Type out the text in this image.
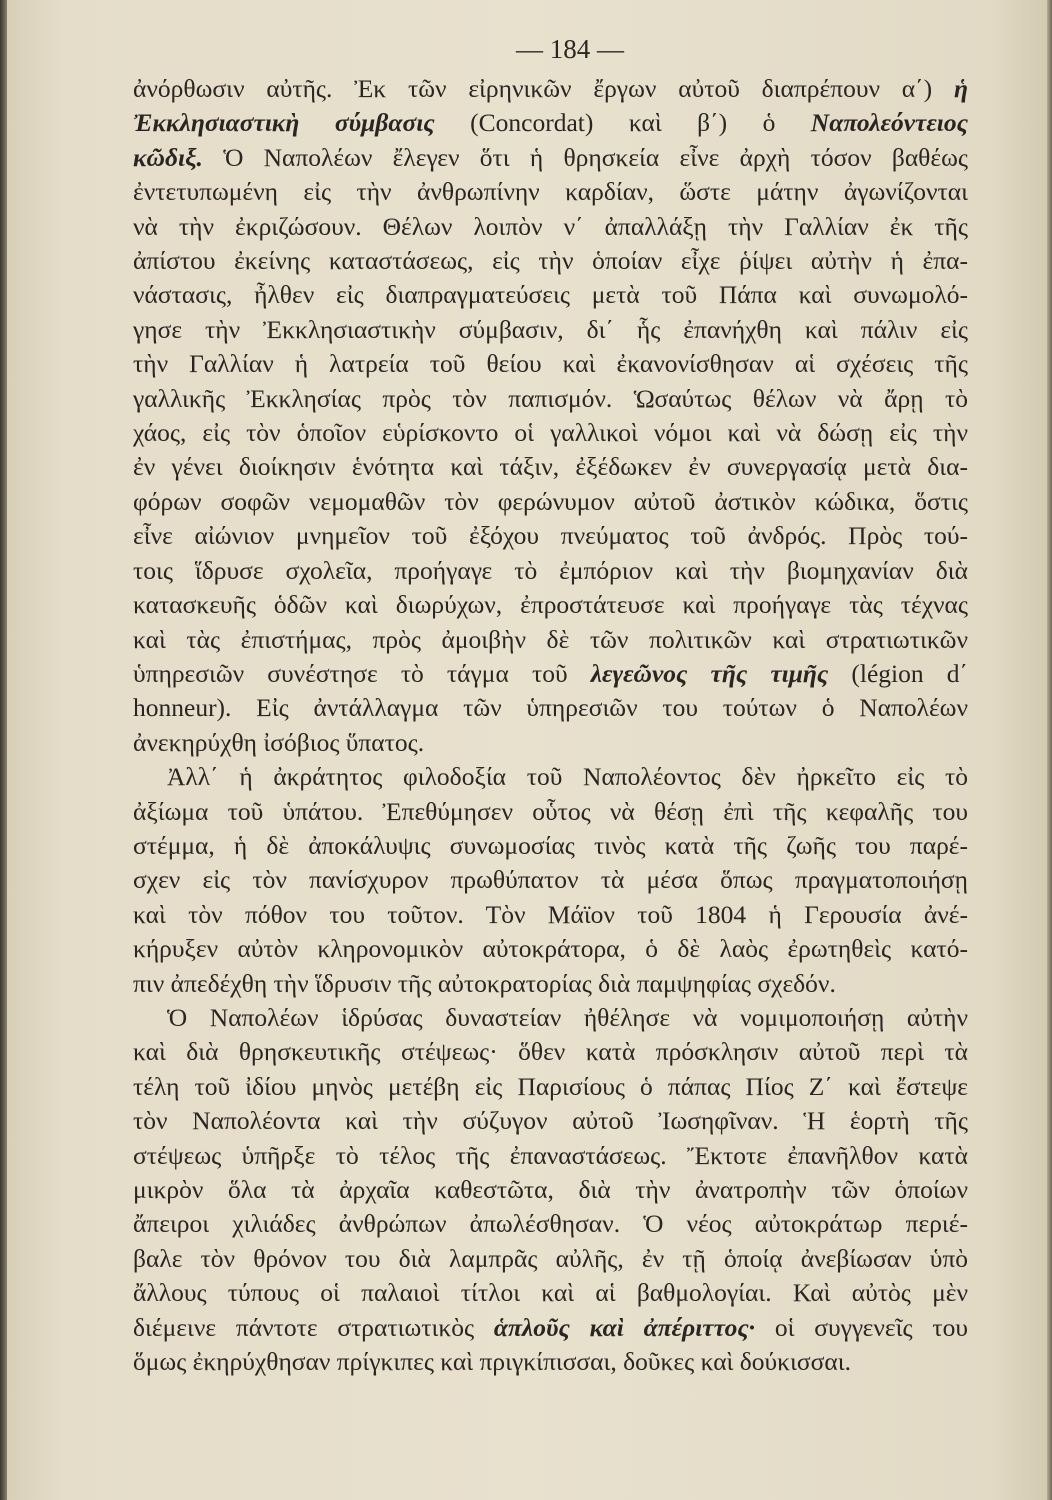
— 184 —
ἀνόρθωσιν αὐτῆς. Ἐκ τῶν εἰρηνικῶν ἔργων αὐτοῦ διαπρέπουν α΄) ἡ
Ἐκκλησιαστικὴ σύμβασις (Concordat) καὶ β΄) ὁ Ναπολεόντειος
κῶδιξ. Ὁ Ναπολέων ἔλεγεν ὅτι ἡ θρησκεία εἶνε ἀρχὴ τόσον βαθέως
ἐντετυπωμένη εἰς τὴν ἀνθρωπίνην καρδίαν, ὥστε μάτην ἀγωνίζονται
νὰ τὴν ἐκριζώσουν. Θέλων λοιπὸν ν΄ ἀπαλλάξῃ τὴν Γαλλίαν ἐκ τῆς
ἀπίστου ἐκείνης καταστάσεως, εἰς τὴν ὁποίαν εἶχε ῥίψει αὐτὴν ἡ ἐπα-
νάστασις, ἦλθεν εἰς διαπραγματεύσεις μετὰ τοῦ Πάπα καὶ συνωμολό-
γησε τὴν Ἐκκλησιαστικὴν σύμβασιν, δι΄ ἧς ἐπανήχθη καὶ πάλιν εἰς
τὴν Γαλλίαν ἡ λατρεία τοῦ θείου καὶ ἐκανονίσθησαν αἱ σχέσεις τῆς
γαλλικῆς Ἐκκλησίας πρὸς τὸν παπισμόν. Ὡσαύτως θέλων νὰ ἄρῃ τὸ
χάος, εἰς τὸν ὁποῖον εὑρίσκοντο οἱ γαλλικοὶ νόμοι καὶ νὰ δώσῃ εἰς τὴν
ἐν γένει διοίκησιν ἑνότητα καὶ τάξιν, ἐξέδωκεν ἐν συνεργασίᾳ μετὰ δια-
φόρων σοφῶν νεμομαθῶν τὸν φερώνυμον αὐτοῦ ἀστικὸν κώδικα, ὅστις
εἶνε αἰώνιον μνημεῖον τοῦ ἐξόχου πνεύματος τοῦ ἀνδρός. Πρὸς τού-
τοις ἵδρυσε σχολεῖα, προήγαγε τὸ ἐμπόριον καὶ τὴν βιομηχανίαν διὰ
κατασκευῆς ὁδῶν καὶ διωρύχων, ἐπροστάτευσε καὶ προήγαγε τὰς τέχνας
καὶ τὰς ἐπιστήμας, πρὸς ἀμοιβὴν δὲ τῶν πολιτικῶν καὶ στρατιωτικῶν
ὑπηρεσιῶν συνέστησε τὸ τάγμα τοῦ λεγεῶνος τῆς τιμῆς (légion d΄
honneur). Εἰς ἀντάλλαγμα τῶν ὑπηρεσιῶν του τούτων ὁ Ναπολέων
ἀνεκηρύχθη ἰσόβιος ὕπατος.
Ἀλλ΄ ἡ ἀκράτητος φιλοδοξία τοῦ Ναπολέοντος δὲν ἠρκεῖτο εἰς τὸ
ἀξίωμα τοῦ ὑπάτου. Ἐπεθύμησεν οὗτος νὰ θέσῃ ἐπὶ τῆς κεφαλῆς του
στέμμα, ἡ δὲ ἀποκάλυψις συνωμοσίας τινὸς κατὰ τῆς ζωῆς του παρέ-
σχεν εἰς τὸν πανίσχυρον πρωθύπατον τὰ μέσα ὅπως πραγματοποιήσῃ
καὶ τὸν πόθον του τοῦτον. Τὸν Μάϊον τοῦ 1804 ἡ Γερουσία ἀνέ-
κήρυξεν αὐτὸν κληρονομικὸν αὐτοκράτορα, ὁ δὲ λαὸς ἐρωτηθεὶς κατό-
πιν ἀπεδέχθη τὴν ἵδρυσιν τῆς αὐτοκρατορίας διὰ παμψηφίας σχεδόν.
Ὁ Ναπολέων ἱδρύσας δυναστείαν ἠθέλησε νὰ νομιμοποιήσῃ αὐτὴν
καὶ διὰ θρησκευτικῆς στέψεως· ὅθεν κατὰ πρόσκλησιν αὐτοῦ περὶ τὰ
τέλη τοῦ ἰδίου μηνὸς μετέβη εἰς Παρισίους ὁ πάπας Πίος Ζ΄ καὶ ἔστεψε
τὸν Ναπολέοντα καὶ τὴν σύζυγον αὐτοῦ Ἰωσηφῖναν. Ἡ ἑορτὴ τῆς
στέψεως ὑπῆρξε τὸ τέλος τῆς ἐπαναστάσεως. Ἔκτοτε ἐπανῆλθον κατὰ
μικρὸν ὅλα τὰ ἀρχαῖα καθεστῶτα, διὰ τὴν ἀνατροπὴν τῶν ὁποίων
ἄπειροι χιλιάδες ἀνθρώπων ἀπωλέσθησαν. Ὁ νέος αὐτοκράτωρ περιέ-
βαλε τὸν θρόνον του διὰ λαμπρᾶς αὐλῆς, ἐν τῇ ὁποίᾳ ἀνεβίωσαν ὑπὸ
ἄλλους τύπους οἱ παλαιοὶ τίτλοι καὶ αἱ βαθμολογίαι. Καὶ αὐτὸς μὲν
διέμεινε πάντοτε στρατιωτικὸς ἁπλοῦς καὶ ἀπέριττος· οἱ συγγενεῖς του
ὅμως ἐκηρύχθησαν πρίγκιπες καὶ πριγκίπισσαι, δοῦκες καὶ δούκισσαι.
